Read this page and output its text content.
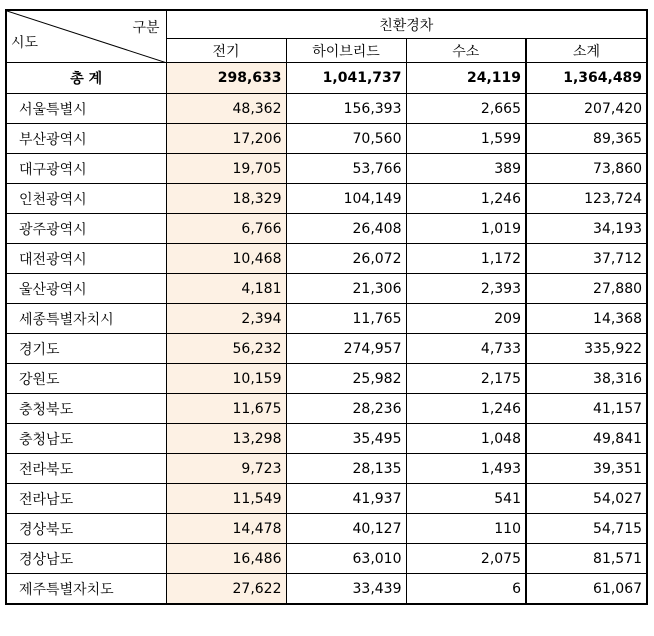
구분
시도	친환경차			
	전기	하이브리드	수소	소계
총 계	298,633	1,041,737	24,119	1,364,489
서울특별시	48,362	156,393	2,665	207,420
부산광역시	17,206	70,560	1,599	89,365
대구광역시	19,705	53,766	389	73,860
인천광역시	18,329	104,149	1,246	123,724
광주광역시	6,766	26,408	1,019	34,193
대전광역시	10,468	26,072	1,172	37,712
울산광역시	4,181	21,306	2,393	27,880
세종특별자치시	2,394	11,765	209	14,368
경기도	56,232	274,957	4,733	335,922
강원도	10,159	25,982	2,175	38,316
충청북도	11,675	28,236	1,246	41,157
충청남도	13,298	35,495	1,048	49,841
전라북도	9,723	28,135	1,493	39,351
전라남도	11,549	41,937	541	54,027
경상북도	14,478	40,127	110	54,715
경상남도	16,486	63,010	2,075	81,571
제주특별자치도	27,622	33,439	6	61,067
